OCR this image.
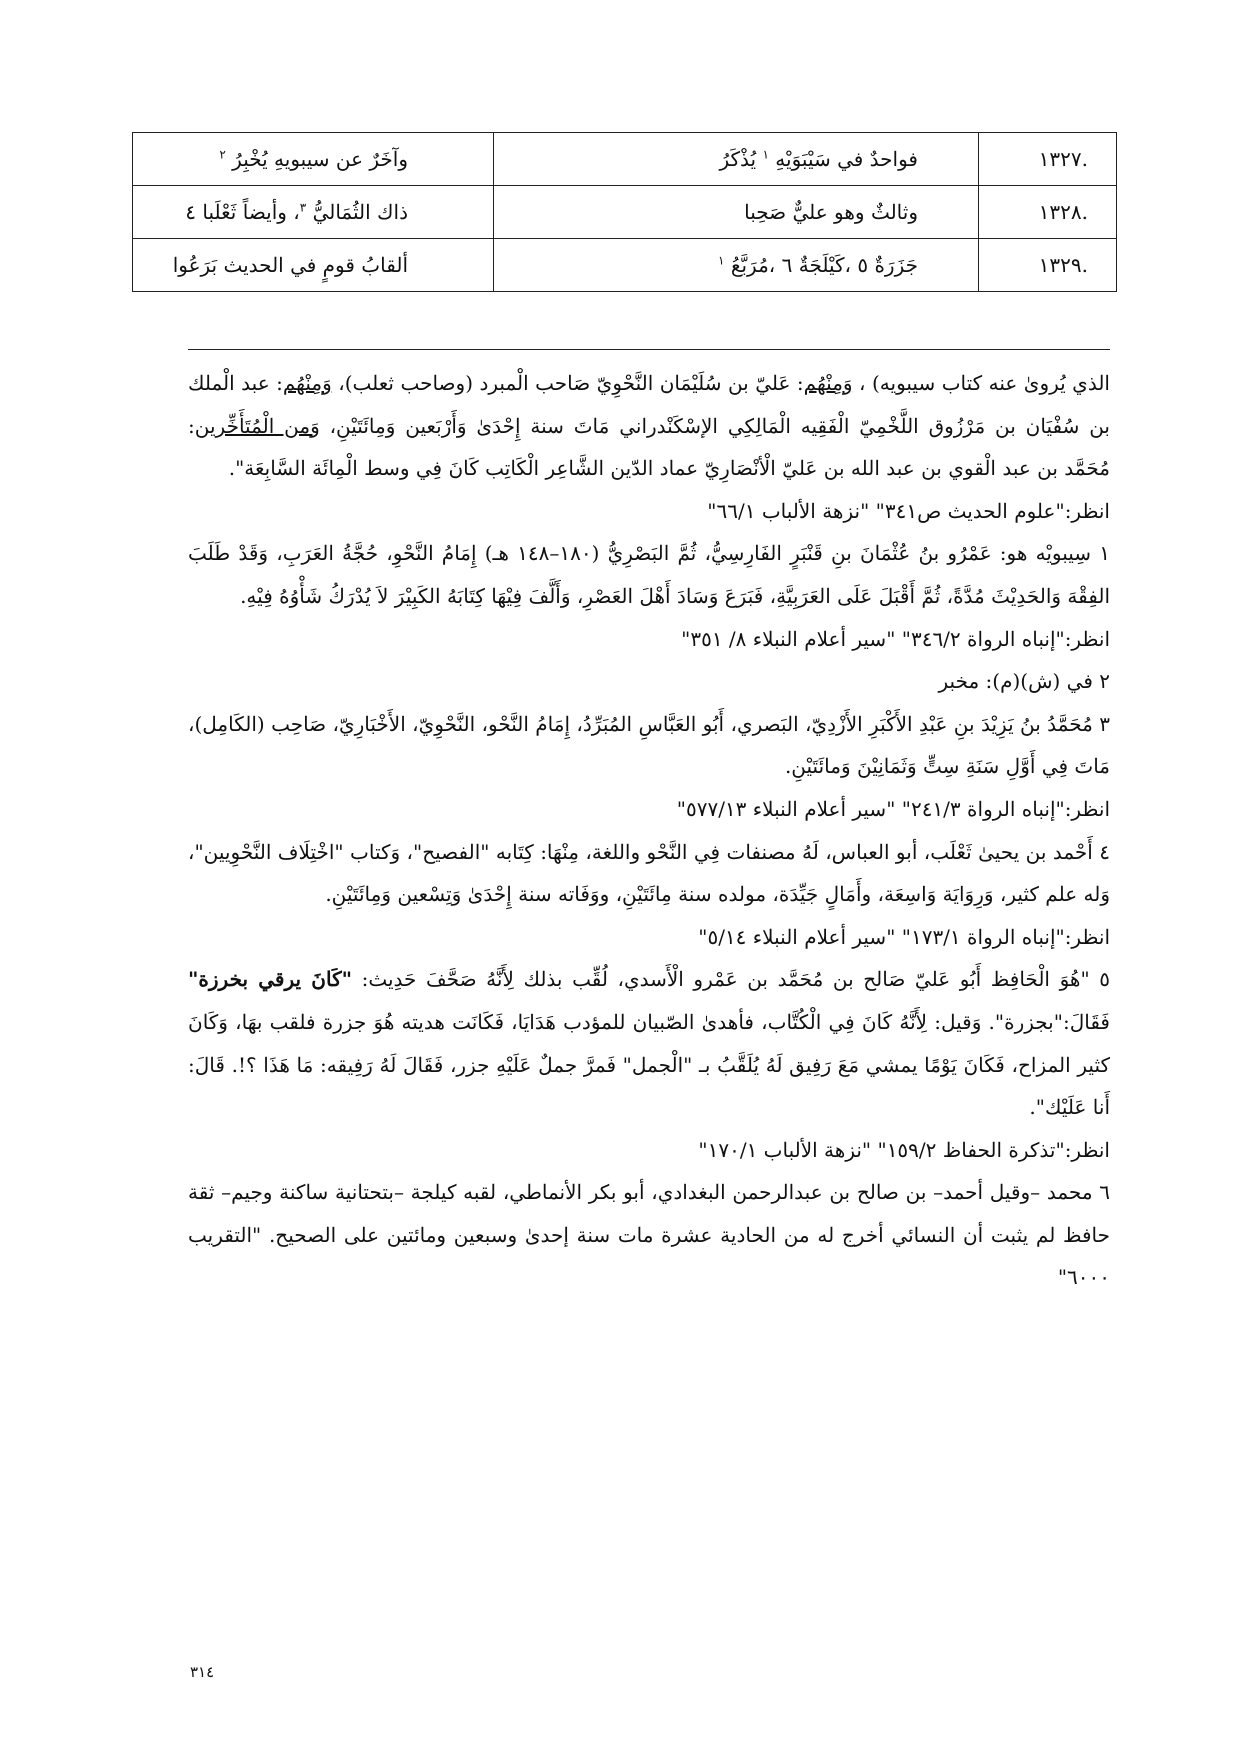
.١٣٢٧	فواحدٌ في سَيْبَوَيْهِ $^١$ يُذْكَرُ	وآخَرٌ عن سيبويهِ يُخْبِرُ $^٢$
.١٣٢٨	وثالثٌ وهو عليٌّ صَحِبا	ذاك الثُمَاليُّ $^٣$، وأيضاً ثَعْلَبا ٤
.١٣٢٩	جَزَرَةٌ ٥ ،كَيْلَجَةٌ ٦ ،مُرَبَّعُ $^١$	ألقابُ قومٍ في الحديث بَرَعُوا

الذي يُروىٰ عنه كتاب سيبويه) ، وَمِنْهُم: عَليّ بن سُلَيْمَان النَّحْوِيّ صَاحب الْمبرد (وصاحب ثعلب)، وَمِنْهُم: عبد الْملك بن سُفْيَان بن مَرْزُوق اللَّخْمِيّ الْفَقِيه الْمَالِكِي الإسْكَنْدراني مَاتَ سنة إِحْدَىٰ وَأَرْبَعين وَمِائَتَيْنِ، وَمن الْمُتَأَخِّرين: مُحَمَّد بن عبد الْقوي بن عبد الله بن عَليّ الْأنْصَارِيّ عماد الدّين الشَّاعِر الْكَاتِب كَانَ فِي وسط الْمِائَة السَّابِعَة".

انظر:"علوم الحديث ص٣٤١" "نزهة الألباب ٦٦/١"

١ سِيبويْه هو: عَمْرُو بنُ عُثْمَانَ بنِ قَنْبَرٍ الفَارِسِيُّ، ثُمَّ البَصْرِيُّ (١٨٠–١٤٨ هـ) إِمَامُ النَّحْوِ، حُجَّةُ العَرَبِ، وَقَدْ طَلَبَ الفِقْهَ وَالحَدِيْثَ مُدَّةً، ثُمَّ أَقْبَلَ عَلَى العَرَبِيَّةِ، فَبَرَعَ وَسَادَ أَهْلَ العَصْرِ، وَأَلَّفَ فِيْهَا كِتَابَهُ الكَبِيْرَ لاَ يُدْرَكُ شَأْوُهُ فِيْهِ.

انظر:"إنباه الرواة ٣٤٦/٢" "سير أعلام النبلاء ٨/ ٣٥١"

٢ في (ش)(م): مخبر

٣ مُحَمَّدُ بنُ يَزِيْدَ بنِ عَبْدِ الأَكْبَرِ الأَزْدِيّ، البَصري، أَبُو العَبَّاسِ المُبَرِّدُ، إِمَامُ النَّحْو، النَّحْوِيّ، الأَخْبَارِيّ، صَاحِب (الكَامِل)، مَاتَ فِي أَوَّلِ سَنَةِ سِتٍّ وَثَمَانِيْنَ وَمائَتَيْنِ.

انظر:"إنباه الرواة ٢٤١/٣" "سير أعلام النبلاء ٥٧٧/١٣"

٤ أَحْمد بن يحيىٰ ثَعْلَب، أبو العباس، لَهُ مصنفات فِي النَّحْو واللغة، مِنْهَا: كِتَابه "الفصيح"، وَكتاب "اخْتِلَاف النَّحْوِيين"، وَله علم كثير، وَرِوَايَة وَاسِعَة، وأَمَالٍ جَيِّدَة، مولده سنة مِائَتَيْنِ، ووَفَاته سنة إِحْدَىٰ وَتِسْعين وَمِائَتَيْنِ.

انظر:"إنباه الرواة ١٧٣/١" "سير أعلام النبلاء ٥/١٤"

٥ "هُوَ الْحَافِظ أَبُو عَليّ صَالح بن مُحَمَّد بن عَمْرو الْأَسدي، لُقِّب بذلك لِأَنَّهُ صَحَّفَ حَدِيث: "كَانَ يرقي بخرزة" فَقَالَ:"بجزرة". وَقيل: لِأَنَّهُ كَانَ فِي الْكُتَّاب، فأهدىٰ الصّبيان للمؤدب هَدَايَا، فَكَانَت هديته هُوَ جزرة فلقب بهَا، وَكَانَ كثير المزاح، فَكَانَ يَوْمًا يمشي مَعَ رَفِيق لَهُ يُلَقَّبُ بـ "الْجمل" فَمرَّ جملٌ عَلَيْهِ جزر، فَقَالَ لَهُ رَفِيقه: مَا هَذَا ؟!. قَالَ: أَنا عَلَيْك".

انظر:"تذكرة الحفاظ ١٥٩/٢" "نزهة الألباب ١٧٠/١"

٦ محمد –وقيل أحمد– بن صالح بن عبدالرحمن البغدادي، أبو بكر الأنماطي، لقبه كيلجة –بتحتانية ساكنة وجيم– ثقة حافظ لم يثبت أن النسائي أخرج له من الحادية عشرة مات سنة إحدىٰ وسبعين ومائتين على الصحيح. "التقريب ٦٠٠٠"

٣١٤
